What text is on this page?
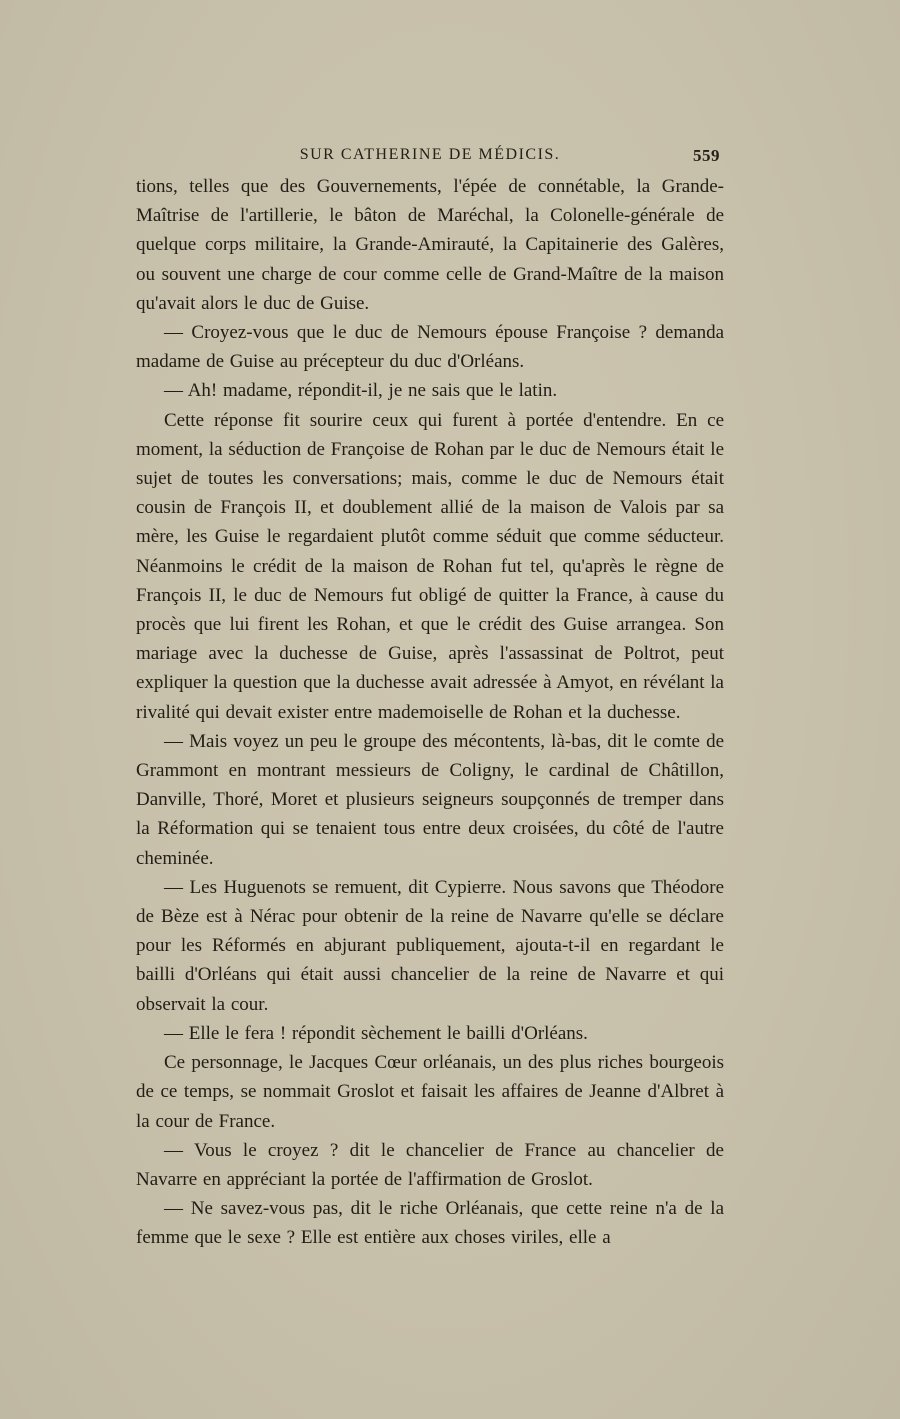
SUR CATHERINE DE MÉDICIS.	559

tions, telles que des Gouvernements, l'épée de connétable, la Grande-Maîtrise de l'artillerie, le bâton de Maréchal, la Colonelle-générale de quelque corps militaire, la Grande-Amirauté, la Capitainerie des Galères, ou souvent une charge de cour comme celle de Grand-Maître de la maison qu'avait alors le duc de Guise.

— Croyez-vous que le duc de Nemours épouse Françoise ? demanda madame de Guise au précepteur du duc d'Orléans.

— Ah! madame, répondit-il, je ne sais que le latin.

Cette réponse fit sourire ceux qui furent à portée d'entendre. En ce moment, la séduction de Françoise de Rohan par le duc de Nemours était le sujet de toutes les conversations; mais, comme le duc de Nemours était cousin de François II, et doublement allié de la maison de Valois par sa mère, les Guise le regardaient plutôt comme séduit que comme séducteur. Néanmoins le crédit de la maison de Rohan fut tel, qu'après le règne de François II, le duc de Nemours fut obligé de quitter la France, à cause du procès que lui firent les Rohan, et que le crédit des Guise arrangea. Son mariage avec la duchesse de Guise, après l'assassinat de Poltrot, peut expliquer la question que la duchesse avait adressée à Amyot, en révélant la rivalité qui devait exister entre mademoiselle de Rohan et la duchesse.

— Mais voyez un peu le groupe des mécontents, là-bas, dit le comte de Grammont en montrant messieurs de Coligny, le cardinal de Châtillon, Danville, Thoré, Moret et plusieurs seigneurs soupçonnés de tremper dans la Réformation qui se tenaient tous entre deux croisées, du côté de l'autre cheminée.

— Les Huguenots se remuent, dit Cypierre. Nous savons que Théodore de Bèze est à Nérac pour obtenir de la reine de Navarre qu'elle se déclare pour les Réformés en abjurant publiquement, ajouta-t-il en regardant le bailli d'Orléans qui était aussi chancelier de la reine de Navarre et qui observait la cour.

— Elle le fera ! répondit sèchement le bailli d'Orléans.

Ce personnage, le Jacques Cœur orléanais, un des plus riches bourgeois de ce temps, se nommait Groslot et faisait les affaires de Jeanne d'Albret à la cour de France.

— Vous le croyez ? dit le chancelier de France au chancelier de Navarre en appréciant la portée de l'affirmation de Groslot.

— Ne savez-vous pas, dit le riche Orléanais, que cette reine n'a de la femme que le sexe ? Elle est entière aux choses viriles, elle a
